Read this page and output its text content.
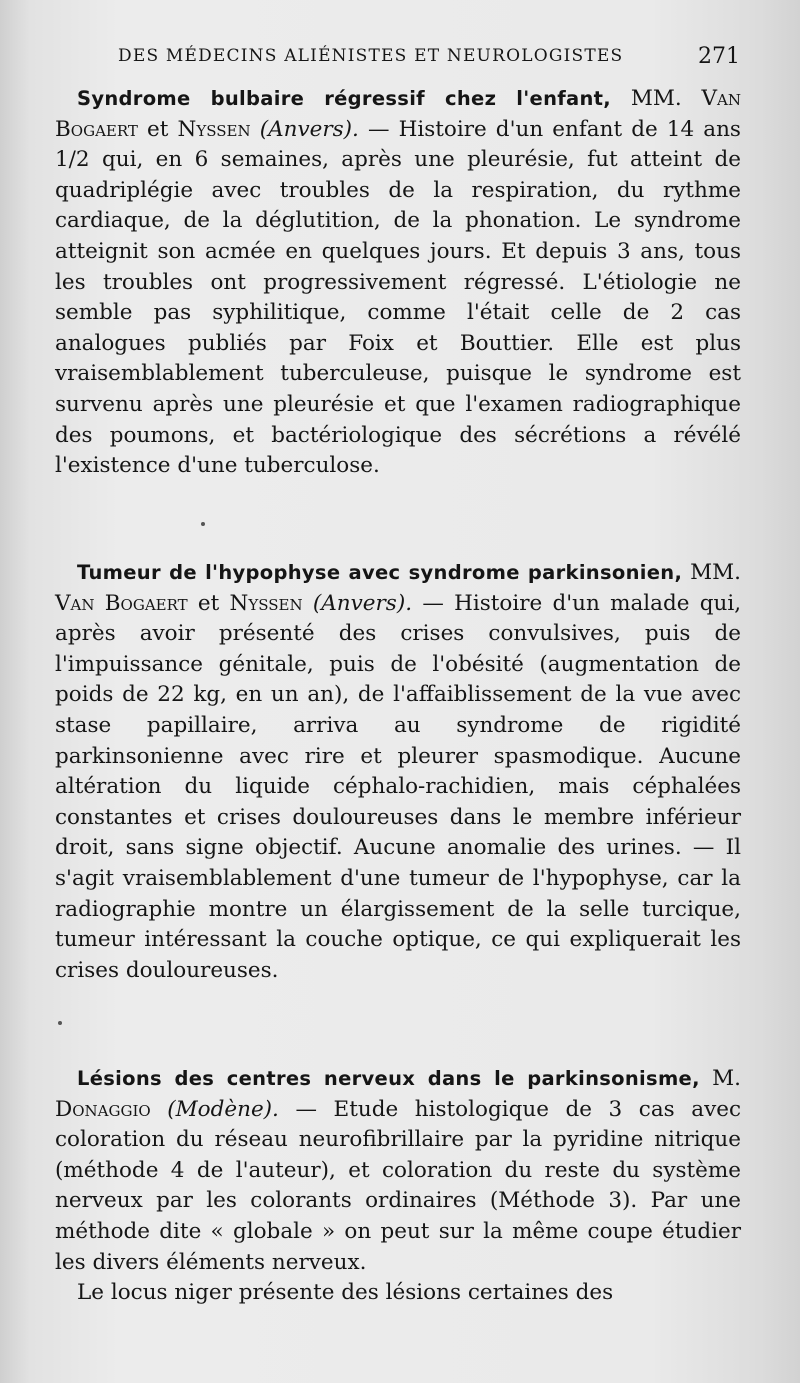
DES MÉDECINS ALIÉNISTES ET NEUROLOGISTES	271

Syndrome bulbaire régressif chez l'enfant, MM. Van Bogaert et Nyssen (Anvers). — Histoire d'un enfant de 14 ans 1/2 qui, en 6 semaines, après une pleurésie, fut atteint de quadriplégie avec troubles de la respiration, du rythme cardiaque, de la déglutition, de la phonation. Le syndrome atteignit son acmée en quelques jours. Et depuis 3 ans, tous les troubles ont progressivement régressé. L'étiologie ne semble pas syphilitique, comme l'était celle de 2 cas analogues publiés par Foix et Bouttier. Elle est plus vraisemblablement tuberculeuse, puisque le syndrome est survenu après une pleurésie et que l'examen radiographique des poumons, et bactériologique des sécrétions a révélé l'existence d'une tuberculose.

Tumeur de l'hypophyse avec syndrome parkinsonien, MM. Van Bogaert et Nyssen (Anvers). — Histoire d'un malade qui, après avoir présenté des crises convulsives, puis de l'impuissance génitale, puis de l'obésité (augmentation de poids de 22 kg, en un an), de l'affaiblissement de la vue avec stase papillaire, arriva au syndrome de rigidité parkinsonienne avec rire et pleurer spasmodique. Aucune altération du liquide céphalo-rachidien, mais céphalées constantes et crises douloureuses dans le membre inférieur droit, sans signe objectif. Aucune anomalie des urines. — Il s'agit vraisemblablement d'une tumeur de l'hypophyse, car la radiographie montre un élargissement de la selle turcique, tumeur intéressant la couche optique, ce qui expliquerait les crises douloureuses.

Lésions des centres nerveux dans le parkinsonisme, M. Donaggio (Modène). — Etude histologique de 3 cas avec coloration du réseau neurofibrillaire par la pyridine nitrique (méthode 4 de l'auteur), et coloration du reste du système nerveux par les colorants ordinaires (Méthode 3). Par une méthode dite « globale » on peut sur la même coupe étudier les divers éléments nerveux.

Le locus niger présente des lésions certaines des
